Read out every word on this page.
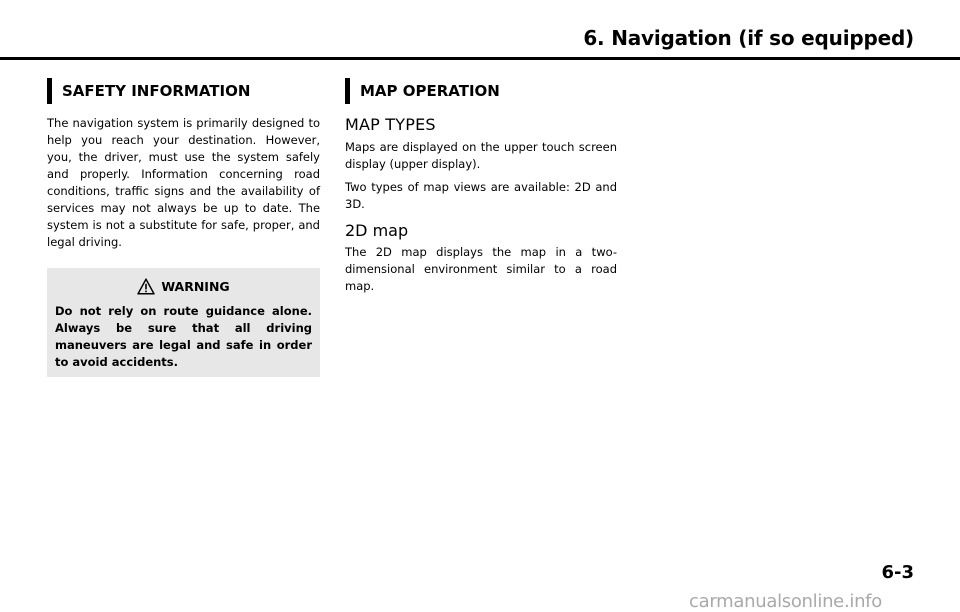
6. Navigation (if so equipped)
SAFETY INFORMATION

The navigation system is primarily designed to help you reach your destination. However, you, the driver, must use the system safely and properly. Information concerning road conditions, traffic signs and the availability of services may not always be up to date. The system is not a substitute for safe, proper, and legal driving.

WARNING

Do not rely on route guidance alone. Always be sure that all driving maneuvers are legal and safe in order to avoid accidents.

MAP OPERATION
MAP TYPES

Maps are displayed on the upper touch screen display (upper display).

Two types of map views are available: 2D and 3D.

2D map

The 2D map displays the map in a two- dimensional environment similar to a road map.

6-3
carmanualsonline.info
